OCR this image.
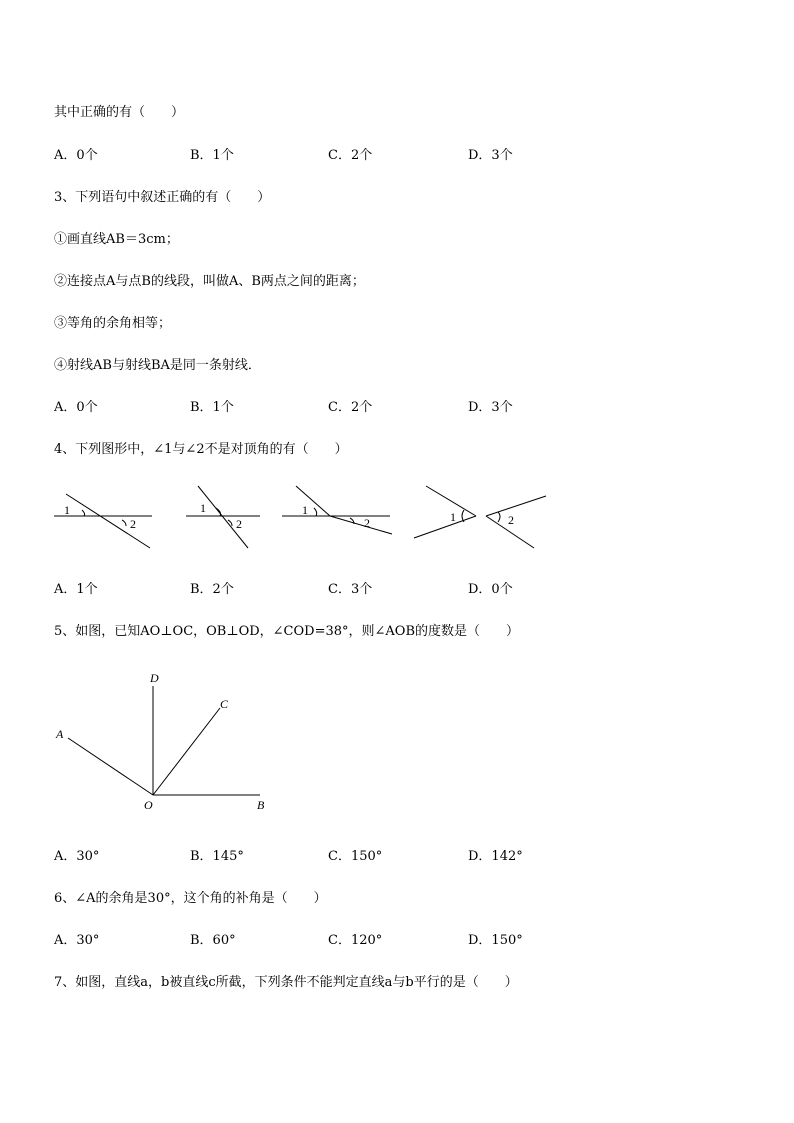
其中正确的有（　　）
A．0个	B．1个	C．2个	D．3个
3、下列语句中叙述正确的有（　　）
①画直线AB＝3cm；
②连接点A与点B的线段，叫做A、B两点之间的距离；
③等角的余角相等；
④射线AB与射线BA是同一条射线．
A．0个	B．1个	C．2个	D．3个
4、下列图形中，∠1与∠2不是对顶角的有（　　）
1
2
1
2
1
2	1	2
A．1个	B．2个	C．3个	D．0个
5、如图，已知AO⊥OC，OB⊥OD，∠COD=38°，则∠AOB的度数是（　　）
D
C
A
O	B
A．30°	B．145°	C．150°	D．142°
6、∠A的余角是30°，这个角的补角是（　　）
A．30°	B．60°	C．120°	D．150°
7、如图，直线a，b被直线c所截，下列条件不能判定直线a与b平行的是（　　）
